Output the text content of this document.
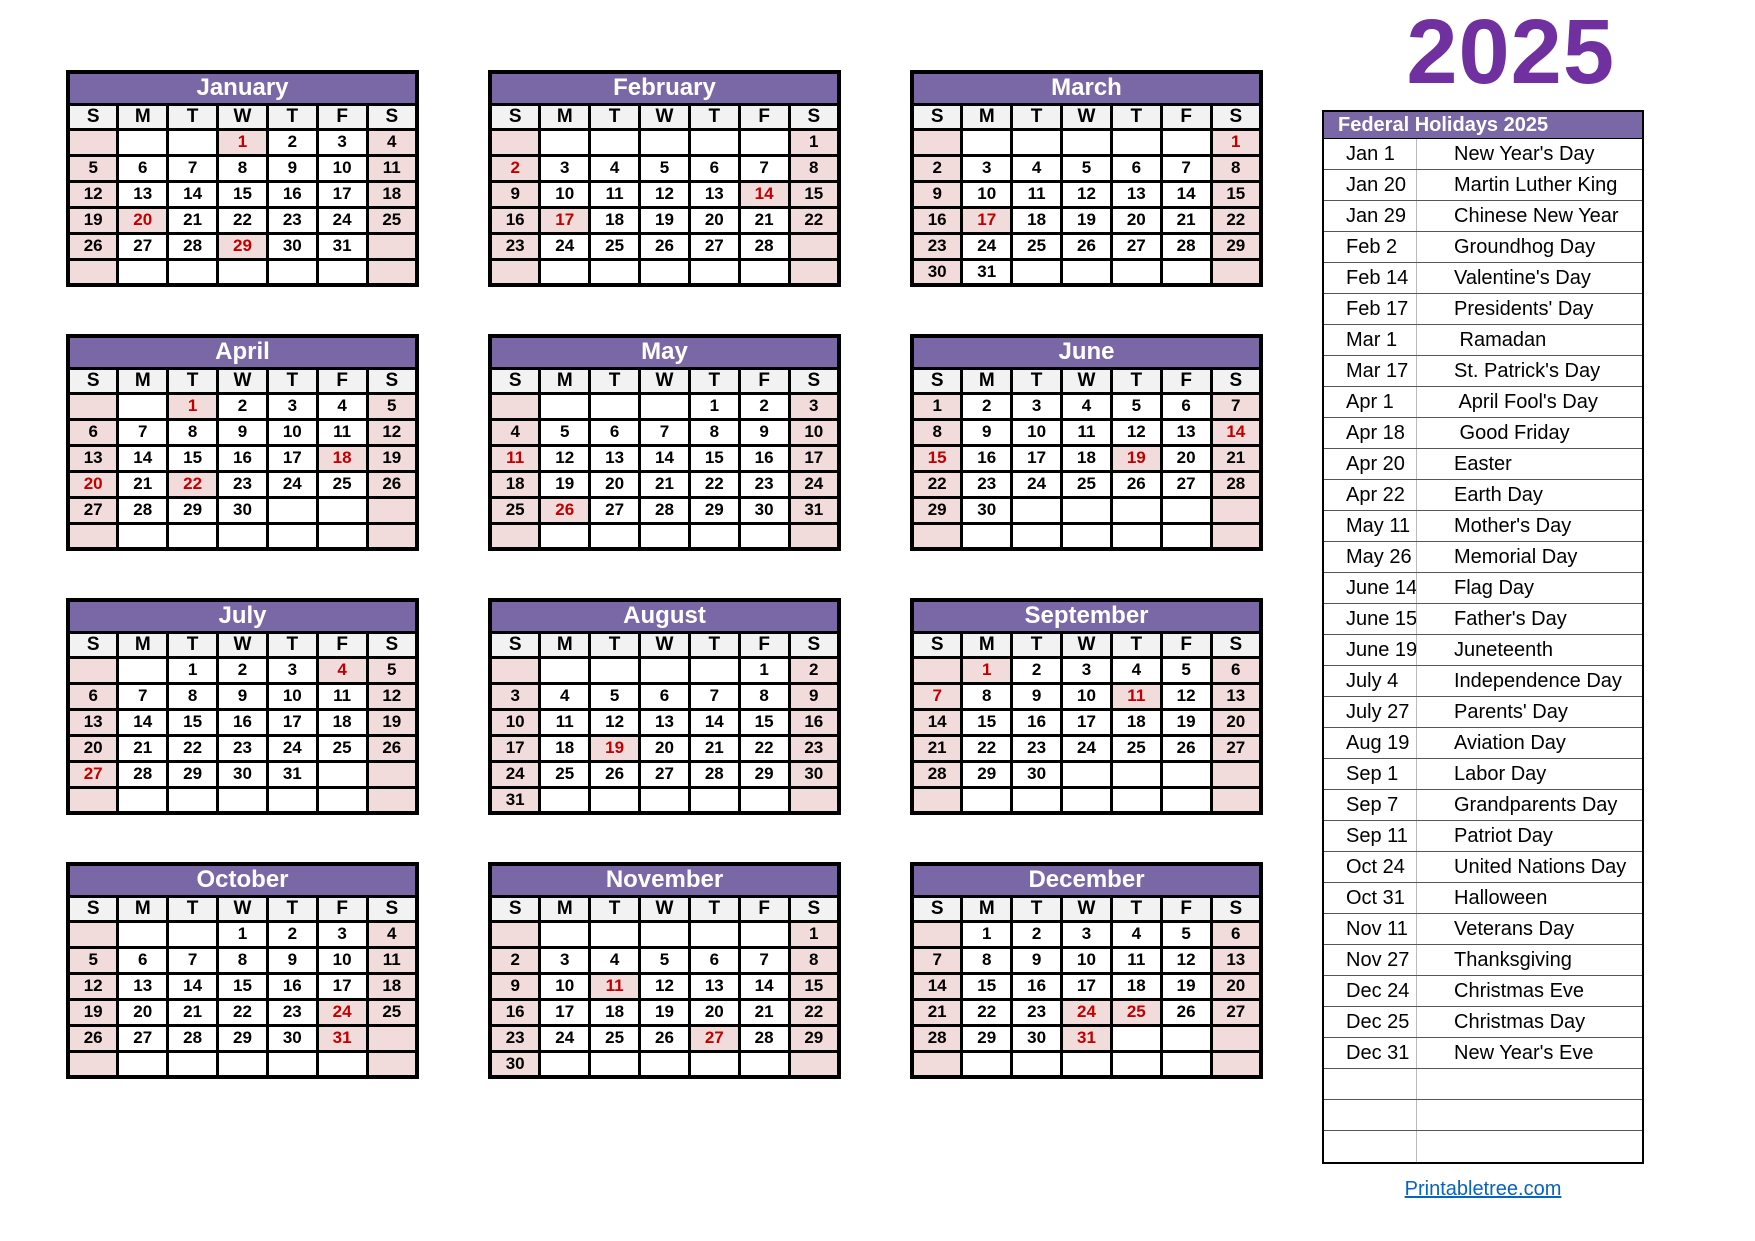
2025
January						
S	M	T	W	T	F	S
			1	2	3	4
5	6	7	8	9	10	11
12	13	14	15	16	17	18
19	20	21	22	23	24	25
26	27	28	29	30	31	

February						
S	M	T	W	T	F	S
						1
2	3	4	5	6	7	8
9	10	11	12	13	14	15
16	17	18	19	20	21	22
23	24	25	26	27	28	

March						
S	M	T	W	T	F	S
						1
2	3	4	5	6	7	8
9	10	11	12	13	14	15
16	17	18	19	20	21	22
23	24	25	26	27	28	29
30	31					
April						
S	M	T	W	T	F	S
		1	2	3	4	5
6	7	8	9	10	11	12
13	14	15	16	17	18	19
20	21	22	23	24	25	26
27	28	29	30			

May						
S	M	T	W	T	F	S
				1	2	3
4	5	6	7	8	9	10
11	12	13	14	15	16	17
18	19	20	21	22	23	24
25	26	27	28	29	30	31

June						
S	M	T	W	T	F	S
1	2	3	4	5	6	7
8	9	10	11	12	13	14
15	16	17	18	19	20	21
22	23	24	25	26	27	28
29	30					

July						
S	M	T	W	T	F	S
		1	2	3	4	5
6	7	8	9	10	11	12
13	14	15	16	17	18	19
20	21	22	23	24	25	26
27	28	29	30	31		

August						
S	M	T	W	T	F	S
					1	2
3	4	5	6	7	8	9
10	11	12	13	14	15	16
17	18	19	20	21	22	23
24	25	26	27	28	29	30
31						
September						
S	M	T	W	T	F	S
	1	2	3	4	5	6
7	8	9	10	11	12	13
14	15	16	17	18	19	20
21	22	23	24	25	26	27
28	29	30				

October						
S	M	T	W	T	F	S
			1	2	3	4
5	6	7	8	9	10	11
12	13	14	15	16	17	18
19	20	21	22	23	24	25
26	27	28	29	30	31	

November						
S	M	T	W	T	F	S
						1
2	3	4	5	6	7	8
9	10	11	12	13	14	15
16	17	18	19	20	21	22
23	24	25	26	27	28	29
30						
December						
S	M	T	W	T	F	S
	1	2	3	4	5	6
7	8	9	10	11	12	13
14	15	16	17	18	19	20
21	22	23	24	25	26	27
28	29	30	31			

Federal Holidays 2025
Jan 1	New Year's Day
Jan 20	Martin Luther King
Jan 29	Chinese New Year
Feb 2	Groundhog Day
Feb 14	Valentine's Day
Feb 17	Presidents' Day
Mar 1	Ramadan
Mar 17	St. Patrick's Day
Apr 1	April Fool's Day
Apr 18	Good Friday
Apr 20	Easter
Apr 22	Earth Day
May 11	Mother's Day
May 26	Memorial Day
June 14	Flag Day
June 15	Father's Day
June 19	Juneteenth
July 4	Independence Day
July 27	Parents' Day
Aug 19	Aviation Day
Sep 1	Labor Day
Sep 7	Grandparents Day
Sep 11	Patriot Day
Oct 24	United Nations Day
Oct 31	Halloween
Nov 11	Veterans Day
Nov 27	Thanksgiving
Dec 24	Christmas Eve
Dec 25	Christmas Day
Dec 31	New Year's Eve
Printabletree.com
